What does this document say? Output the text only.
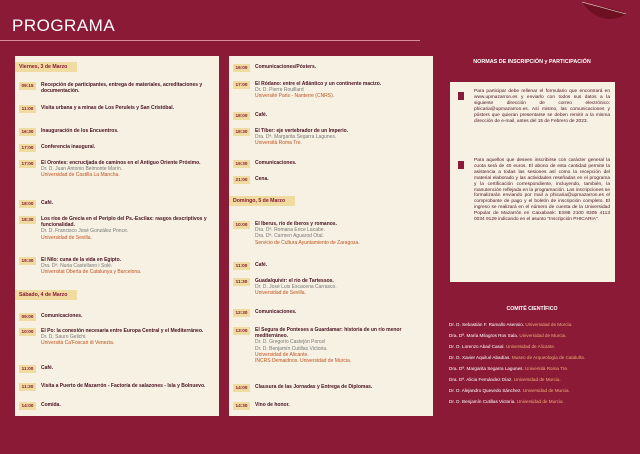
PROGRAMA
Viernes, 3 de Marzo
09:15	Recepción de participantes, entrega de materiales, acreditaciones y documentación.
11:00	Visita urbana y a minas de Los Peruleis y San Cristóbal.
16:30	Inauguración de los Encuentros.
17:00	Conferencia inaugural.
17:00	El Orontes: encrucijada de caminos en el Antiguo Oriente Próximo.
Dr. D. Juan Antonio Belmonte Marín.
Universidad de Castilla La Mancha.
18:00	Café.
18:30	Los ríos de Grecia en el Periplo del Ps.-Escilax: rasgos descriptivos y funcionalidad.
Dr. D. Francisco José González Ponce.
Universidad de Sevilla.
19:30	El Nilo: cuna de la vida en Egipto.
Dra. Dª. Nuria Castellano i Solé.
Universitat Oberta de Catalunya y Barcelona.
Sábado, 4 de Marzo
09:00	Comunicaciones.
10:00	El Po: la conexión necesaria entre Europa Central y el Mediterráneo.
Dr. D. Sauro Gelichi.
Università Ca'Foscari di Venezia.
11:00	Café.
11:30	Visita a Puerto de Mazarrón - Factoría de salazones - Isla y Bolnuevo.
14:00	Comida.
16:00	Comunicaciones/Pósters.
17:00	El Ródano: entre el Atlántico y un continente macizo.
Dr. D. Pierre Rouillard
Université Paris - Nanterre (CNRS).
18:00	Café.
18:30	El Tíber: eje vertebrador de un Imperio.
Dra. Dª. Margarita Segarra Lagunes.
Università Roma Tre.
19:30	Comunicaciones.
21:00	Cena.
Domingo, 5 de Marzo
10:00	El Iberus, río de iberos y romanos.
Dra. Dª. Romana Erice Lacabe.
Dra. Dª. Carmen Aguarod Otal.
Servicio de Cultura Ayuntamiento de Zaragoza.
11:00	Café.
11:30	Guadalquivir: el río de Tartessos.
Dr. D. José Luis Escacena Carrasco.
Universidad de Sevilla.
12:30	Comunicaciones.
13:00	El Segura de Ponteses a Guardamar: historia de un río menor mediterráneo.
Dr. D. Gregorio Castejón Porcel
Dr. D. Benjamín Cutillas Victoria.
Universidad de Alicante.
INCRS Demaidnos. Universidad de Murcia.
14:00	Clausura de las Jornadas y Entrega de Diplomas.
14:30	Vino de honor.
NORMAS DE INSCRIPCIÓN y PARTICIPACIÓN
Para participar debe rellenar el formulario que encontrará en www.upmazarron.es y enviarlo con todos sus datos a la siguiente dirección de correo electrónico: phicaria@upmazarron.es. Así mismo, las comunicaciones y pósters que quieran presentarse se deben remitir a la misma dirección de e-mail, antes del 15 de Febrero de 2023.
Para aquellos que deseen inscribirse con carácter general la cuota será de 40 euros. El abono de esta cantidad permite la asistencia a todas las sesiones así como la recepción del material elaborado y las actividades reseñadas en el programa y la certificación correspondiente, incluyendo, también, la manutención reflejada en la programación. Las inscripciones se formalizarán enviando por mail a phicaria@upmazarron.es el comprobante de pago y el boletín de inscripción completo. El ingreso se realizará en el número de cuenta de la Universidad Popular de Mazarrón en Caixabank: ES98 2100 8305 4113 0034 9129 indicando en el asunto "Inscripción PHICARIA".
COMITÉ CIENTÍFICO
Dr. D. Sebastián F. Ramallo Asensio. Universidad de Murcia.
Dra. Dª. María Milagros Ros Sala. Universidad de Murcia.
Dr. D. Lorenzo Abad Casal. Universidad de Alicante.
Dr. D. Xavier Aquilué Abadías. Museo de Arqueología de Cataluña.
Dra. Dª. Margarita Segarra Lagunes. Università Roma Tre.
Dra. Dª. Alicia Fernández Díaz. Universidad de Murcia.
Dr. D. Alejandro Quevedo Sánchez. Universidad de Murcia.
Dr. D. Benjamín Cutillas Victoria. Universidad de Murcia.
